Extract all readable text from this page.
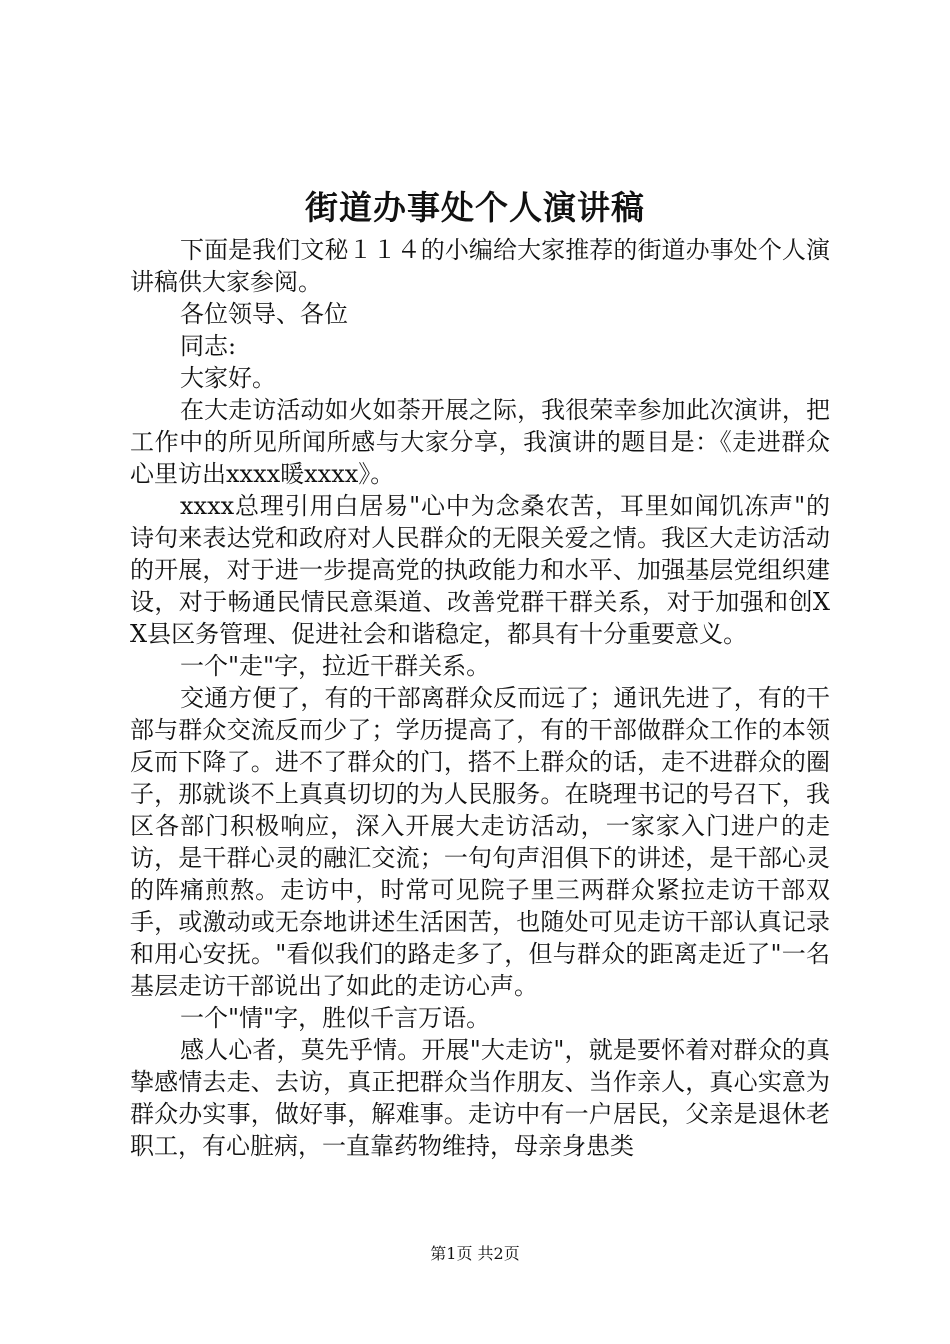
街道办事处个人演讲稿

下面是我们文秘１１４的小编给大家推荐的街道办事处个人演讲稿供大家参阅。

各位领导、各位

同志:

大家好。

在大走访活动如火如荼开展之际，我很荣幸参加此次演讲，把工作中的所见所闻所感与大家分享，我演讲的题目是：《走进群众心里访出xxxx暖xxxx》。

xxxx总理引用白居易"心中为念桑农苦，耳里如闻饥冻声"的诗句来表达党和政府对人民群众的无限关爱之情。我区大走访活动的开展，对于进一步提高党的执政能力和水平、加强基层党组织建设，对于畅通民情民意渠道、改善党群干群关系，对于加强和创XX县区务管理、促进社会和谐稳定，都具有十分重要意义。

一个"走"字，拉近干群关系。

交通方便了，有的干部离群众反而远了；通讯先进了，有的干部与群众交流反而少了；学历提高了，有的干部做群众工作的本领反而下降了。进不了群众的门，搭不上群众的话，走不进群众的圈子，那就谈不上真真切切的为人民服务。在晓理书记的号召下，我区各部门积极响应，深入开展大走访活动，一家家入门进户的走访，是干群心灵的融汇交流；一句句声泪俱下的讲述，是干部心灵的阵痛煎熬。走访中，时常可见院子里三两群众紧拉走访干部双手，或激动或无奈地讲述生活困苦，也随处可见走访干部认真记录和用心安抚。"看似我们的路走多了，但与群众的距离走近了"一名基层走访干部说出了如此的走访心声。

一个"情"字，胜似千言万语。

感人心者，莫先乎情。开展"大走访"，就是要怀着对群众的真挚感情去走、去访，真正把群众当作朋友、当作亲人，真心实意为群众办实事，做好事，解难事。走访中有一户居民，父亲是退休老职工，有心脏病，一直靠药物维持，母亲身患类

第1页 共2页
